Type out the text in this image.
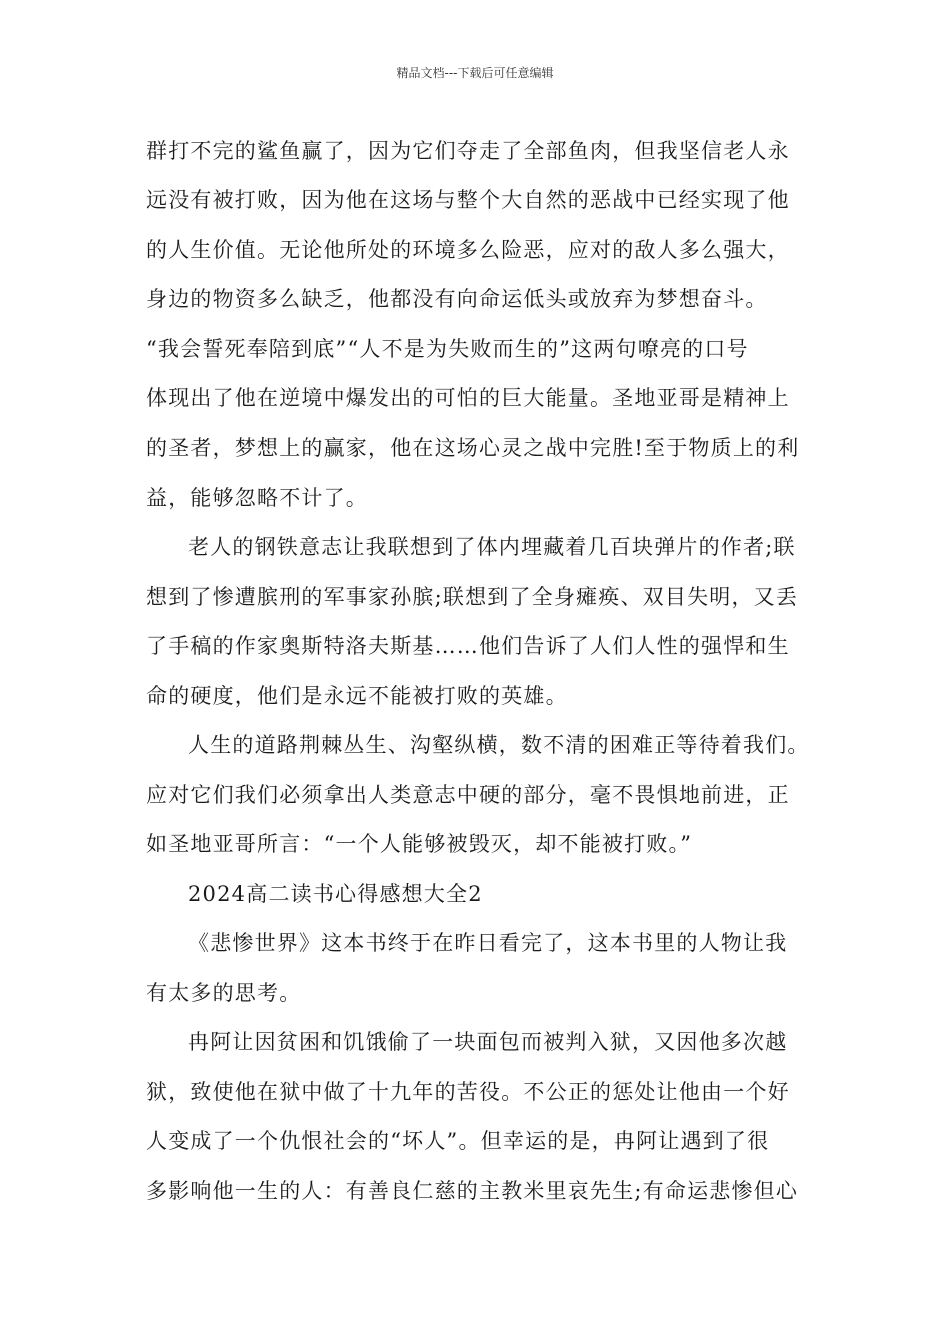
精品文档---下载后可任意编辑
群打不完的鲨鱼赢了，因为它们夺走了全部鱼肉，但我坚信老人永
远没有被打败，因为他在这场与整个大自然的恶战中已经实现了他
的人生价值。无论他所处的环境多么险恶，应对的敌人多么强大，
身边的物资多么缺乏，他都没有向命运低头或放弃为梦想奋斗。
“我会誓死奉陪到底”“人不是为失败而生的”这两句嘹亮的口号
体现出了他在逆境中爆发出的可怕的巨大能量。圣地亚哥是精神上
的圣者，梦想上的赢家，他在这场心灵之战中完胜!至于物质上的利
益，能够忽略不计了。
老人的钢铁意志让我联想到了体内埋藏着几百块弹片的作者;联
想到了惨遭膑刑的军事家孙膑;联想到了全身瘫痪、双目失明，又丢
了手稿的作家奥斯特洛夫斯基……他们告诉了人们人性的强悍和生
命的硬度，他们是永远不能被打败的英雄。
人生的道路荆棘丛生、沟壑纵横，数不清的困难正等待着我们。
应对它们我们必须拿出人类意志中硬的部分，毫不畏惧地前进，正
如圣地亚哥所言：“一个人能够被毁灭，却不能被打败。”
2024高二读书心得感想大全2
《悲惨世界》这本书终于在昨日看完了，这本书里的人物让我
有太多的思考。
冉阿让因贫困和饥饿偷了一块面包而被判入狱，又因他多次越
狱，致使他在狱中做了十九年的苦役。不公正的惩处让他由一个好
人变成了一个仇恨社会的“坏人”。但幸运的是，冉阿让遇到了很
多影响他一生的人：有善良仁慈的主教米里哀先生;有命运悲惨但心
